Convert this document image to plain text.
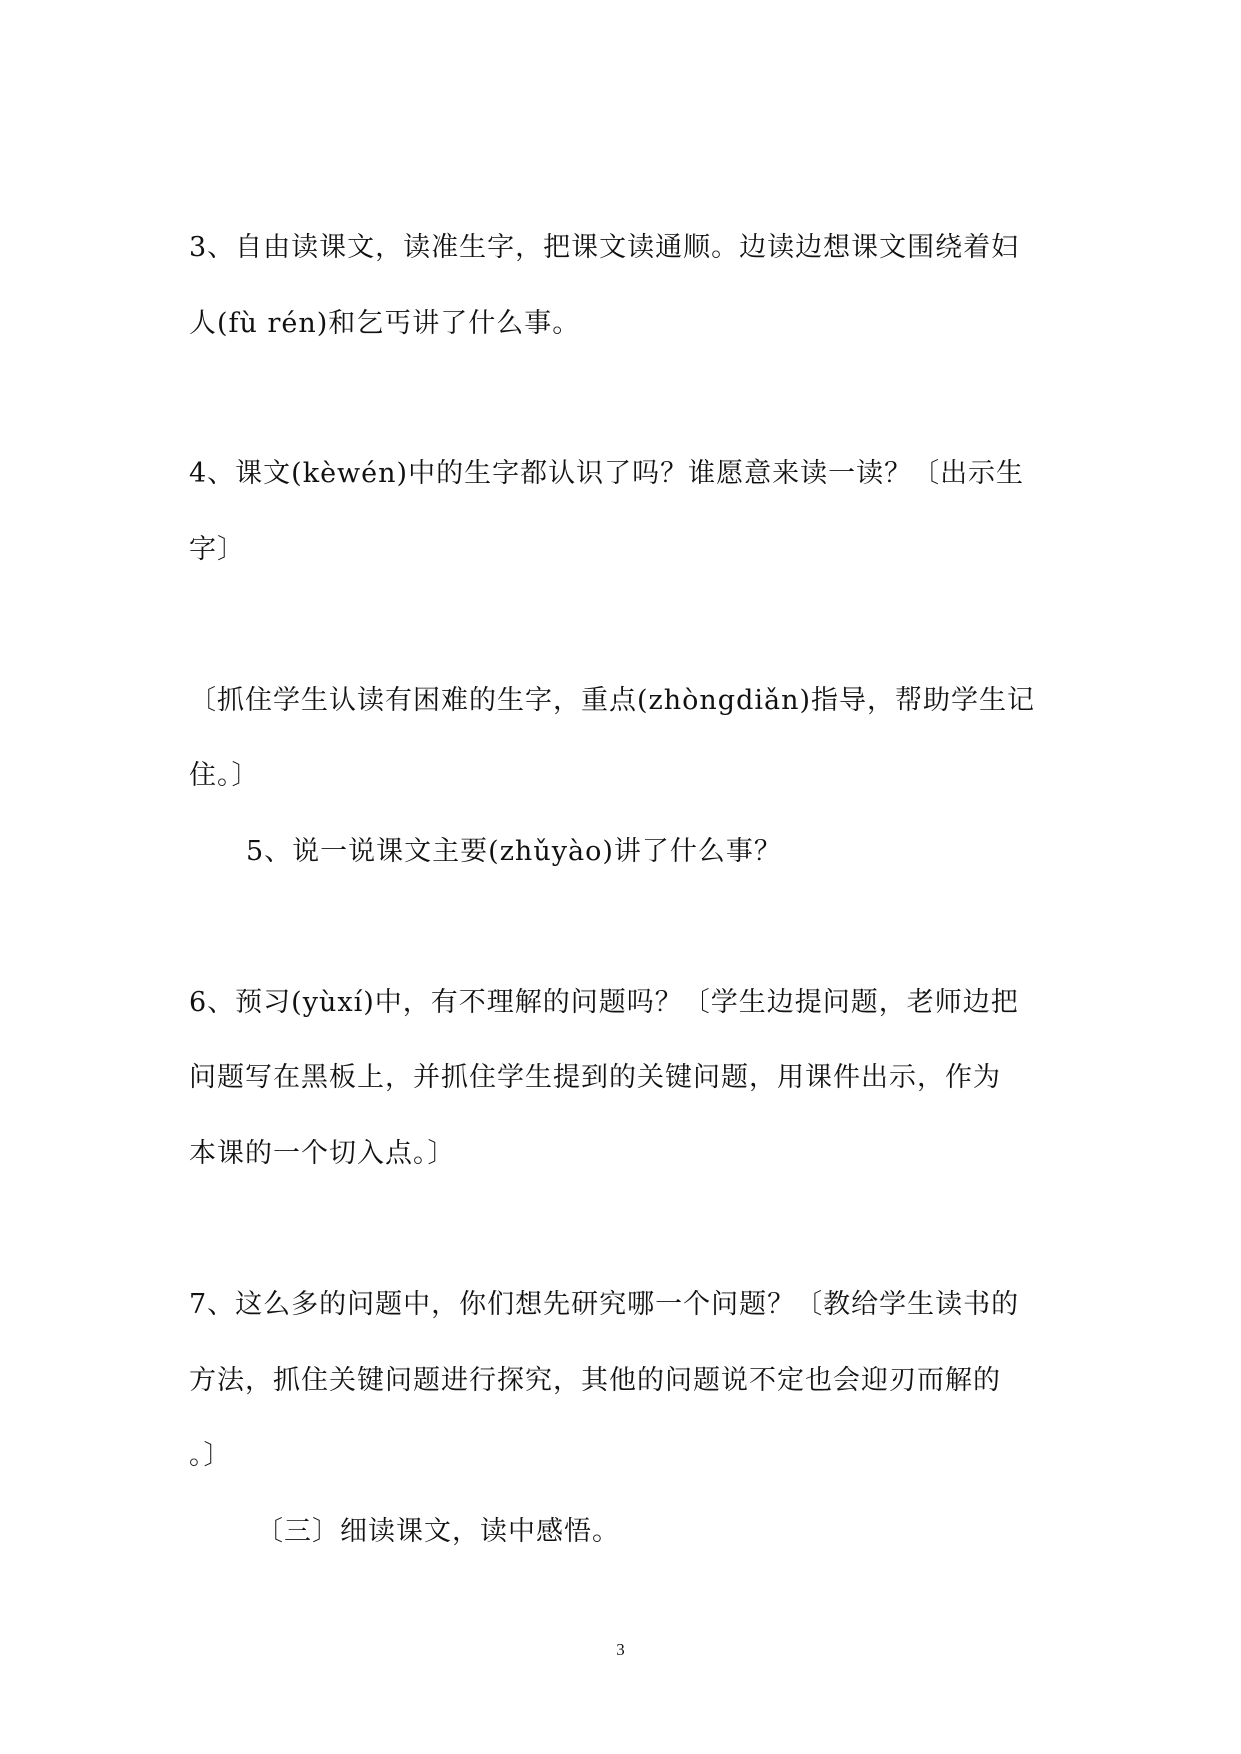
3、自由读课文，读准生字，把课文读通顺。边读边想课文围绕着妇
人(fù rén)和乞丐讲了什么事。
4、课文(kèwén)中的生字都认识了吗？谁愿意来读一读？〔出示生
字〕
〔抓住学生认读有困难的生字，重点(zhòngdiǎn)指导，帮助学生记
住。〕
5、说一说课文主要(zhǔyào)讲了什么事？
6、预习(yùxí)中，有不理解的问题吗？〔学生边提问题，老师边把
问题写在黑板上，并抓住学生提到的关键问题，用课件出示，作为
本课的一个切入点。〕
7、这么多的问题中，你们想先研究哪一个问题？〔教给学生读书的
方法，抓住关键问题进行探究，其他的问题说不定也会迎刃而解的
。〕
〔三〕细读课文，读中感悟。
3
